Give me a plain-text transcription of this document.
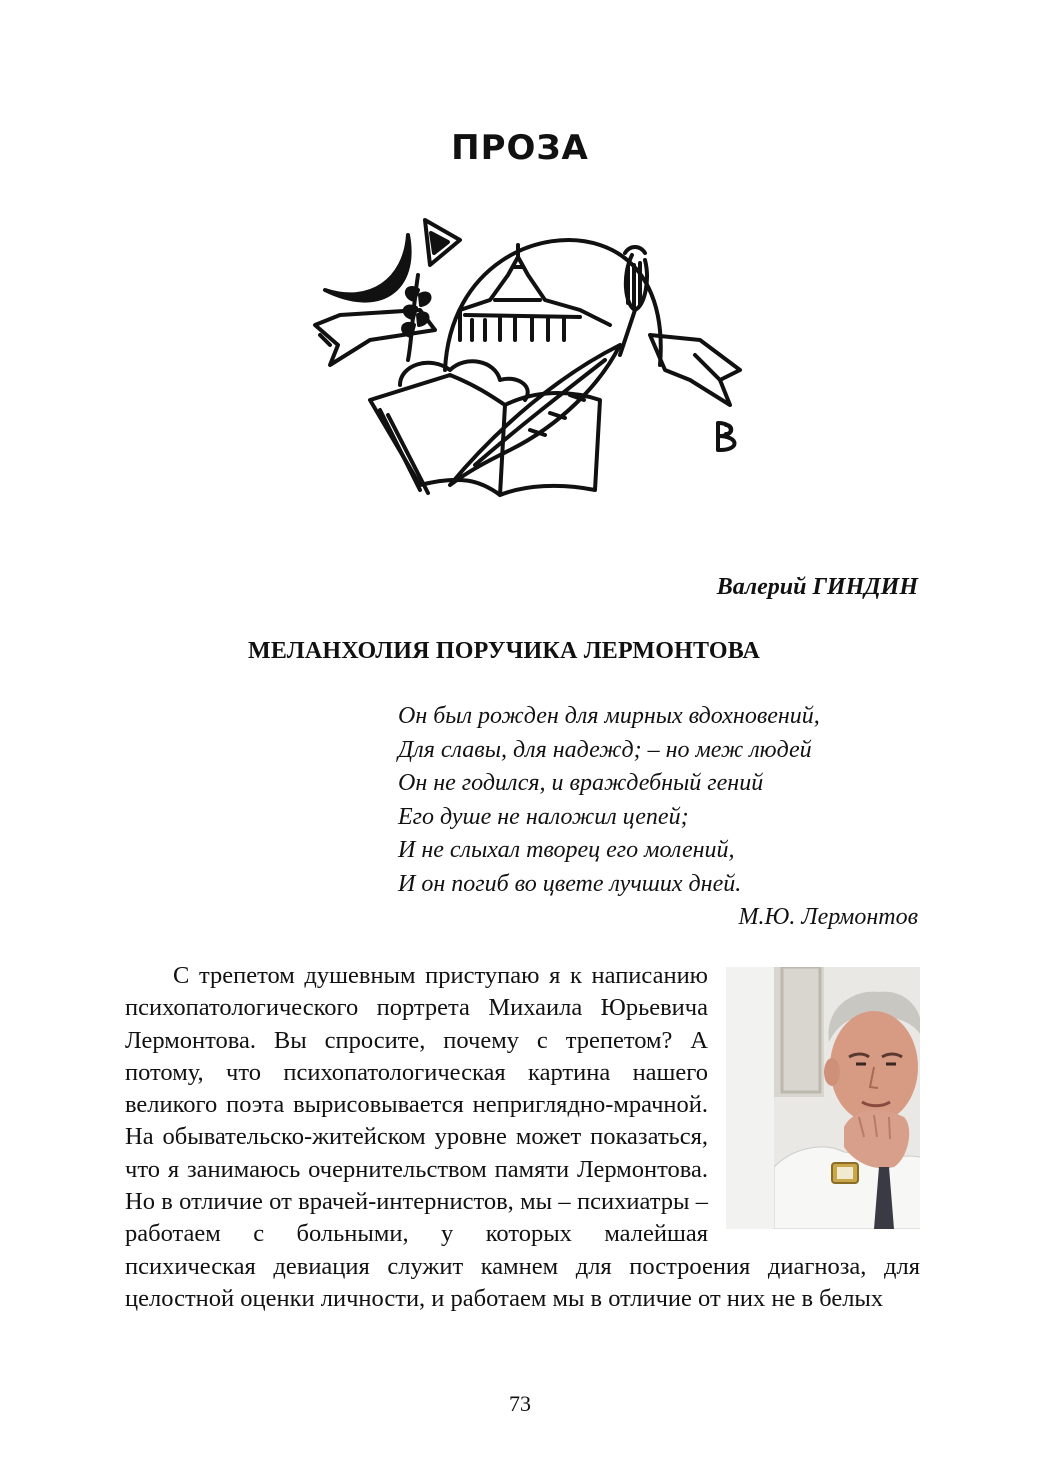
ПРОЗА
Валерий ГИНДИН
МЕЛАНХОЛИЯ ПОРУЧИКА ЛЕРМОНТОВА
Он был рожден для мирных вдохновений,
Для славы, для надежд; – но меж людей
Он не годился, и враждебный гений
Его душе не наложил цепей;
И не слыхал творец его молений,
И он погиб во цвете лучших дней.
М.Ю. Лермонтов
С трепетом душевным приступаю я к написанию психопатологического портрета Михаила Юрьевича Лермонтова. Вы спросите, почему с трепетом? А потому, что психопатологическая картина нашего великого поэта вырисовывается неприглядно-мрачной. На обывательско-житейском уровне может показаться, что я занимаюсь очернительством памяти Лермонтова. Но в отличие от врачей-интернистов, мы – психиатры – работаем с больными, у которых малейшая психическая девиация служит камнем для построения диагноза, для целостной оценки личности, и работаем мы в отличие от них не в белых
73
